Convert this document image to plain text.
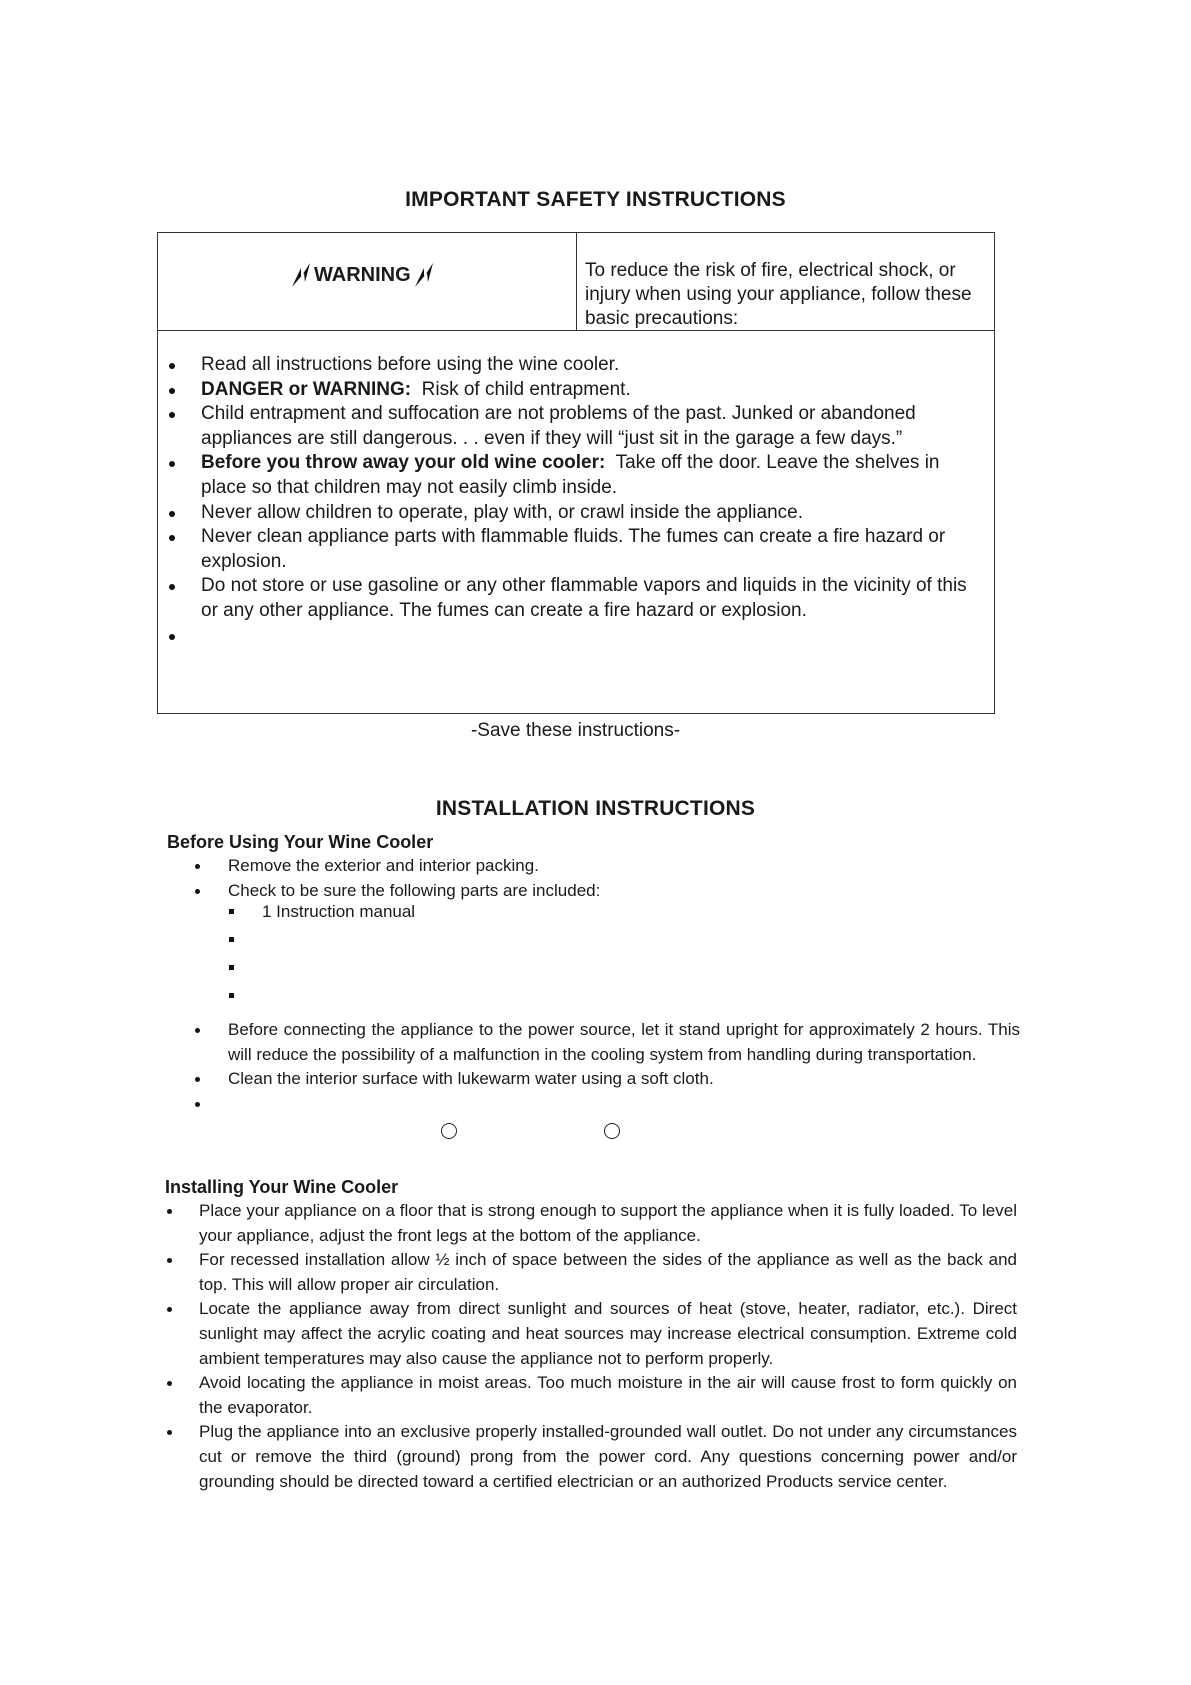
IMPORTANT SAFETY INSTRUCTIONS
WARNING	To reduce the risk of fire, electrical shock, or injury when using your appliance, follow these basic precautions:
Read all instructions before using the wine cooler.
DANGER or WARNING: Risk of child entrapment.
Child entrapment and suffocation are not problems of the past. Junked or abandoned appliances are still dangerous. . . even if they will “just sit in the garage a few days.”
Before you throw away your old wine cooler: Take off the door. Leave the shelves in place so that children may not easily climb inside.
Never allow children to operate, play with, or crawl inside the appliance.
Never clean appliance parts with flammable fluids. The fumes can create a fire hazard or explosion.
Do not store or use gasoline or any other flammable vapors and liquids in the vicinity of this or any other appliance. The fumes can create a fire hazard or explosion.
-Save these instructions-
INSTALLATION INSTRUCTIONS
Before Using Your Wine Cooler
Remove the exterior and interior packing.
Check to be sure the following parts are included:
1 Instruction manual
Before connecting the appliance to the power source, let it stand upright for approximately 2 hours. This will reduce the possibility of a malfunction in the cooling system from handling during transportation.
Clean the interior surface with lukewarm water using a soft cloth.
Installing Your Wine Cooler
Place your appliance on a floor that is strong enough to support the appliance when it is fully loaded. To level your appliance, adjust the front legs at the bottom of the appliance.
For recessed installation allow ½ inch of space between the sides of the appliance as well as the back and top. This will allow proper air circulation.
Locate the appliance away from direct sunlight and sources of heat (stove, heater, radiator, etc.). Direct sunlight may affect the acrylic coating and heat sources may increase electrical consumption. Extreme cold ambient temperatures may also cause the appliance not to perform properly.
Avoid locating the appliance in moist areas. Too much moisture in the air will cause frost to form quickly on the evaporator.
Plug the appliance into an exclusive properly installed-grounded wall outlet. Do not under any circumstances cut or remove the third (ground) prong from the power cord. Any questions concerning power and/or grounding should be directed toward a certified electrician or an authorized Products service center.
